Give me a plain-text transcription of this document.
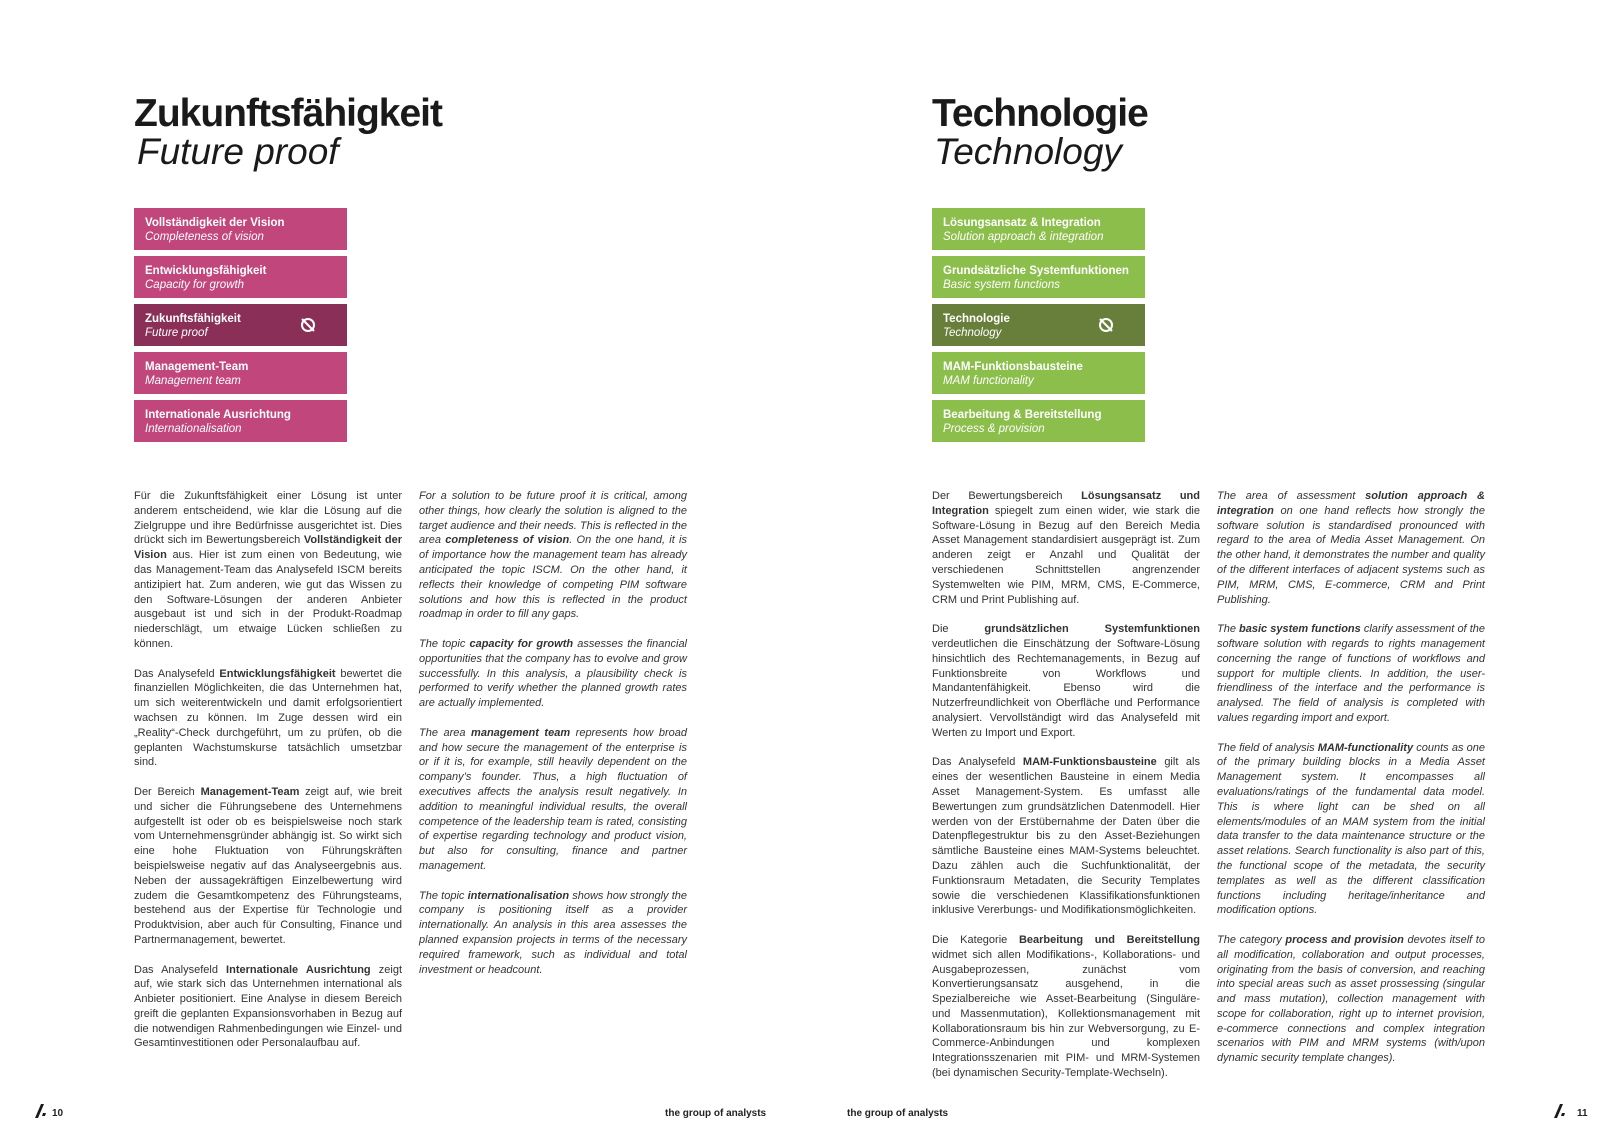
Zukunftsfähigkeit
Future proof
Vollständigkeit der Vision
Completeness of vision
Entwicklungsfähigkeit
Capacity for growth
Zukunftsfähigkeit
Future proof
Management-Team
Management team
Internationale Ausrichtung
Internationalisation

Für die Zukunftsfähigkeit einer Lösung ist unter anderem entscheidend, wie klar die Lösung auf die Zielgruppe und ihre Bedürfnisse ausgerichtet ist. Dies drückt sich im Bewertungsbereich Vollständigkeit der Vision aus. Hier ist zum einen von Bedeutung, wie das Management-Team das Analysefeld ISCM bereits antizipiert hat. Zum anderen, wie gut das Wissen zu den Software-Lösungen der anderen Anbieter ausgebaut ist und sich in der Produkt-Roadmap niederschlägt, um etwaige Lücken schließen zu können.

Das Analysefeld Entwicklungsfähigkeit bewertet die finanziellen Möglichkeiten, die das Unternehmen hat, um sich weiterentwickeln und damit erfolgsorientiert wachsen zu können. Im Zuge dessen wird ein „Reality“-Check durchgeführt, um zu prüfen, ob die geplanten Wachstumskurse tatsächlich umsetzbar sind.

Der Bereich Management-Team zeigt auf, wie breit und sicher die Führungsebene des Unternehmens aufgestellt ist oder ob es beispielsweise noch stark vom Unternehmensgründer abhängig ist. So wirkt sich eine hohe Fluktuation von Führungskräften beispielsweise negativ auf das Analyseergebnis aus. Neben der aussagekräftigen Einzelbewertung wird zudem die Gesamtkompetenz des Führungsteams, bestehend aus der Expertise für Technologie und Produktvision, aber auch für Consulting, Finance und Partnermanagement, bewertet.

Das Analysefeld Internationale Ausrichtung zeigt auf, wie stark sich das Unternehmen international als Anbieter positioniert. Eine Analyse in diesem Bereich greift die geplanten Expansionsvorhaben in Bezug auf die notwendigen Rahmenbedingungen wie Einzel- und Gesamtinvestitionen oder Personalaufbau auf.

For a solution to be future proof it is critical, among other things, how clearly the solution is aligned to the target audience and their needs. This is reflected in the area completeness of vision. On the one hand, it is of importance how the management team has already anticipated the topic ISCM. On the other hand, it reflects their knowledge of competing PIM software solutions and how this is reflected in the product roadmap in order to fill any gaps.

The topic capacity for growth assesses the financial opportunities that the company has to evolve and grow successfully. In this analysis, a plausibility check is performed to verify whether the planned growth rates are actually implemented.

The area management team represents how broad and how secure the management of the enterprise is or if it is, for example, still heavily dependent on the company’s founder. Thus, a high fluctuation of executives affects the analysis result negatively. In addition to meaningful individual results, the overall competence of the leadership team is rated, consisting of expertise regarding technology and product vision, but also for consulting, finance and partner management.

The topic internationalisation shows how strongly the company is positioning itself as a provider internationally. An analysis in this area assesses the planned expansion projects in terms of the necessary required framework, such as individual and total investment or headcount.

10	the group of analysts
Technologie
Technology
Lösungsansatz & Integration
Solution approach & integration
Grundsätzliche Systemfunktionen
Basic system functions
Technologie
Technology
MAM-Funktionsbausteine
MAM functionality
Bearbeitung & Bereitstellung
Process & provision

Der Bewertungsbereich Lösungsansatz und Integration spiegelt zum einen wider, wie stark die Software-Lösung in Bezug auf den Bereich Media Asset Management standardisiert ausgeprägt ist. Zum anderen zeigt er Anzahl und Qualität der verschiedenen Schnittstellen angrenzender Systemwelten wie PIM, MRM, CMS, E-Commerce, CRM und Print Publishing auf.

Die grundsätzlichen Systemfunktionen verdeutlichen die Einschätzung der Software-Lösung hinsichtlich des Rechtemanagements, in Bezug auf Funktionsbreite von Workflows und Mandantenfähigkeit. Ebenso wird die Nutzerfreundlichkeit von Oberfläche und Performance analysiert. Vervollständigt wird das Analysefeld mit Werten zu Import und Export.

Das Analysefeld MAM-Funktionsbausteine gilt als eines der wesentlichen Bausteine in einem Media Asset Management-System. Es umfasst alle Bewertungen zum grundsätzlichen Datenmodell. Hier werden von der Erstübernahme der Daten über die Datenpflegestruktur bis zu den Asset-Beziehungen sämtliche Bausteine eines MAM-Systems beleuchtet. Dazu zählen auch die Suchfunktionalität, der Funktionsraum Metadaten, die Security Templates sowie die verschiedenen Klassifikationsfunktionen inklusive Vererbungs- und Modifikationsmöglichkeiten.

Die Kategorie Bearbeitung und Bereitstellung widmet sich allen Modifikations-, Kollaborations- und Ausgabeprozessen, zunächst vom Konvertierungsansatz ausgehend, in die Spezialbereiche wie Asset-Bearbeitung (Singuläre- und Massenmutation), Kollektionsmanagement mit Kollaborationsraum bis hin zur Webversorgung, zu E-Commerce-Anbindungen und komplexen Integrationsszenarien mit PIM- und MRM-Systemen (bei dynamischen Security-Template-Wechseln).

The area of assessment solution approach & integration on one hand reflects how strongly the software solution is standardised pronounced with regard to the area of Media Asset Management. On the other hand, it demonstrates the number and quality of the different interfaces of adjacent systems such as PIM, MRM, CMS, E-commerce, CRM and Print Publishing.

The basic system functions clarify assessment of the software solution with regards to rights management concerning the range of functions of workflows and support for multiple clients. In addition, the user-friendliness of the interface and the performance is analysed. The field of analysis is completed with values regarding import and export.

The field of analysis MAM-functionality counts as one of the primary building blocks in a Media Asset Management system. It encompasses all evaluations/ratings of the fundamental data model. This is where light can be shed on all elements/modules of an MAM system from the initial data transfer to the data maintenance structure or the asset relations. Search functionality is also part of this, the functional scope of the metadata, the security templates as well as the different classification functions including heritage/inheritance and modification options.

The category process and provision devotes itself to all modification, collaboration and output processes, originating from the basis of conversion, and reaching into special areas such as asset prossessing (singular and mass mutation), collection management with scope for collaboration, right up to internet provision, e-commerce connections and complex integration scenarios with PIM and MRM systems (with/upon dynamic security template changes).

the group of analysts	11
